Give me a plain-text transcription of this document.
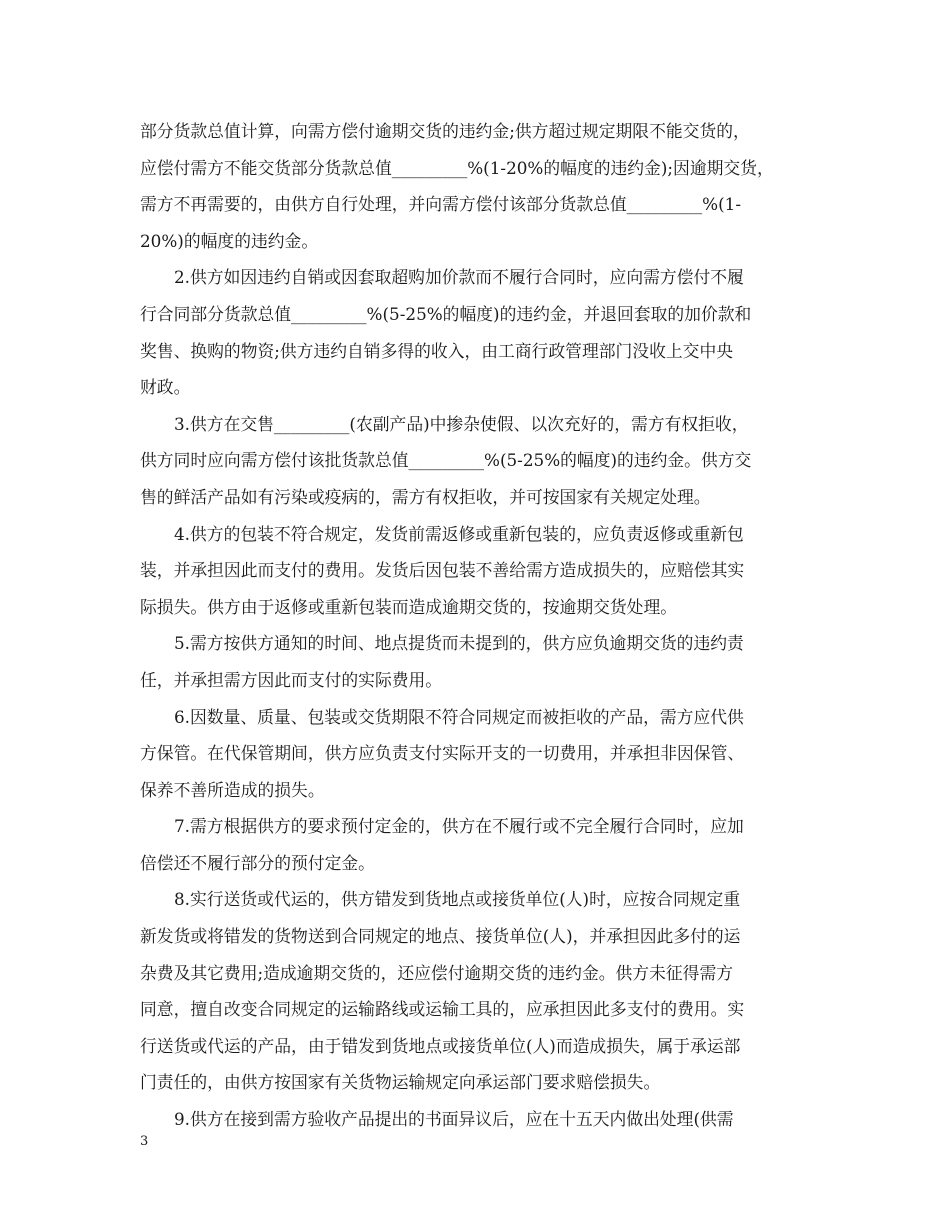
部分货款总值计算，向需方偿付逾期交货的违约金;供方超过规定期限不能交货的，
应偿付需方不能交货部分货款总值_________%(1-20%的幅度的违约金);因逾期交货，
需方不再需要的，由供方自行处理，并向需方偿付该部分货款总值_________%(1-
20%)的幅度的违约金。
2.供方如因违约自销或因套取超购加价款而不履行合同时，应向需方偿付不履
行合同部分货款总值_________%(5-25%的幅度)的违约金，并退回套取的加价款和
奖售、换购的物资;供方违约自销多得的收入，由工商行政管理部门没收上交中央
财政。
3.供方在交售_________(农副产品)中掺杂使假、以次充好的，需方有权拒收，
供方同时应向需方偿付该批货款总值_________%(5-25%的幅度)的违约金。供方交
售的鲜活产品如有污染或疫病的，需方有权拒收，并可按国家有关规定处理。
4.供方的包装不符合规定，发货前需返修或重新包装的，应负责返修或重新包
装，并承担因此而支付的费用。发货后因包装不善给需方造成损失的，应赔偿其实
际损失。供方由于返修或重新包装而造成逾期交货的，按逾期交货处理。
5.需方按供方通知的时间、地点提货而未提到的，供方应负逾期交货的违约责
任，并承担需方因此而支付的实际费用。
6.因数量、质量、包装或交货期限不符合同规定而被拒收的产品，需方应代供
方保管。在代保管期间，供方应负责支付实际开支的一切费用，并承担非因保管、
保养不善所造成的损失。
7.需方根据供方的要求预付定金的，供方在不履行或不完全履行合同时，应加
倍偿还不履行部分的预付定金。
8.实行送货或代运的，供方错发到货地点或接货单位(人)时，应按合同规定重
新发货或将错发的货物送到合同规定的地点、接货单位(人)，并承担因此多付的运
杂费及其它费用;造成逾期交货的，还应偿付逾期交货的违约金。供方未征得需方
同意，擅自改变合同规定的运输路线或运输工具的，应承担因此多支付的费用。实
行送货或代运的产品，由于错发到货地点或接货单位(人)而造成损失，属于承运部
门责任的，由供方按国家有关货物运输规定向承运部门要求赔偿损失。
9.供方在接到需方验收产品提出的书面异议后，应在十五天内做出处理(供需
3
